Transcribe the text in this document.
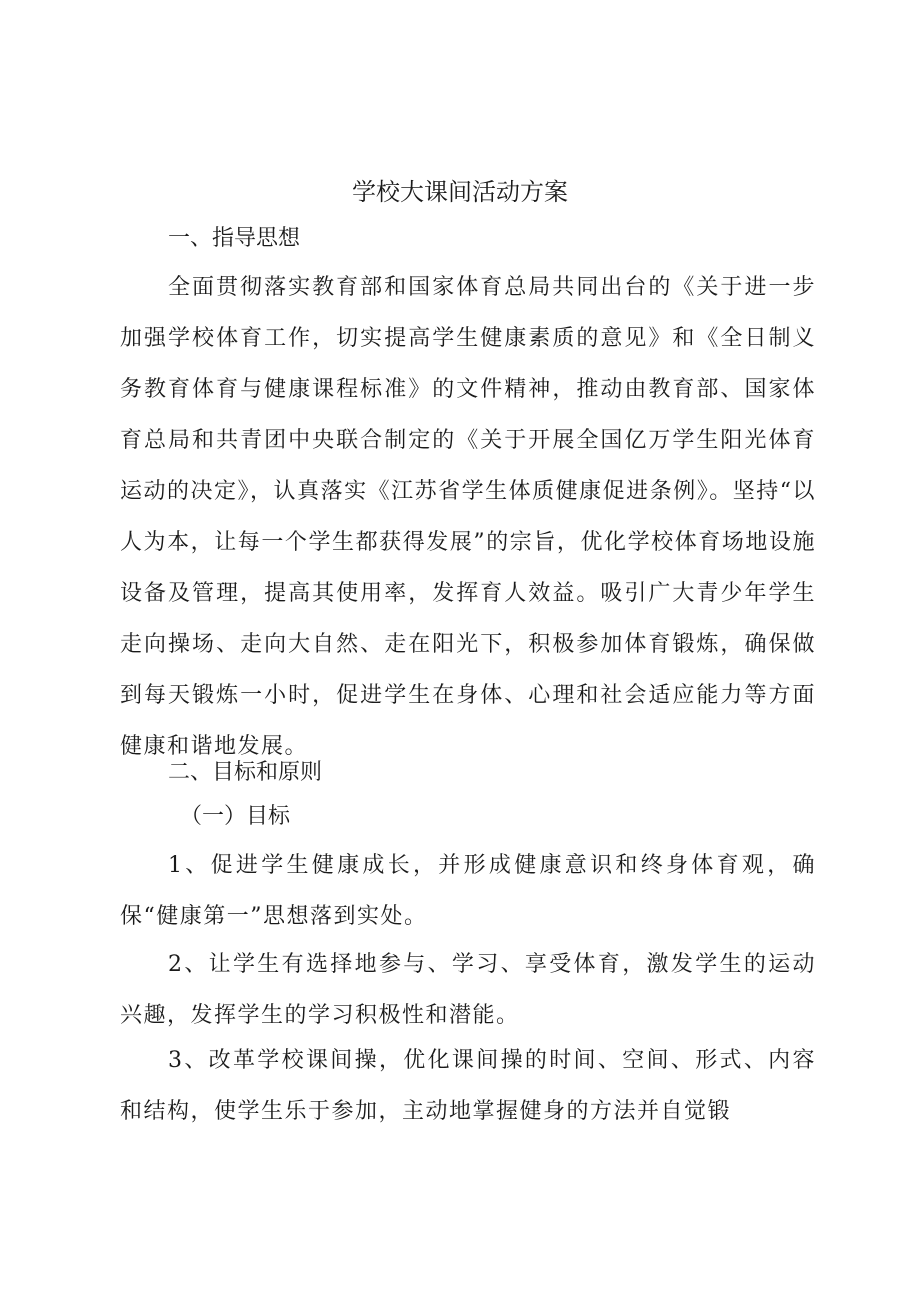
学校大课间活动方案
一、指导思想

全面贯彻落实教育部和国家体育总局共同出台的《关于进一步加强学校体育工作，切实提高学生健康素质的意见》和《全日制义务教育体育与健康课程标准》的文件精神，推动由教育部、国家体育总局和共青团中央联合制定的《关于开展全国亿万学生阳光体育运动的决定》，认真落实《江苏省学生体质健康促进条例》。坚持“以人为本，让每一个学生都获得发展”的宗旨，优化学校体育场地设施设备及管理，提高其使用率，发挥育人效益。吸引广大青少年学生走向操场、走向大自然、走在阳光下，积极参加体育锻炼，确保做到每天锻炼一小时，促进学生在身体、心理和社会适应能力等方面健康和谐地发展。

二、目标和原则
（一）目标

1、促进学生健康成长，并形成健康意识和终身体育观，确保“健康第一”思想落到实处。

2、让学生有选择地参与、学习、享受体育，激发学生的运动兴趣，发挥学生的学习积极性和潜能。

3、改革学校课间操，优化课间操的时间、空间、形式、内容和结构，使学生乐于参加，主动地掌握健身的方法并自觉锻
